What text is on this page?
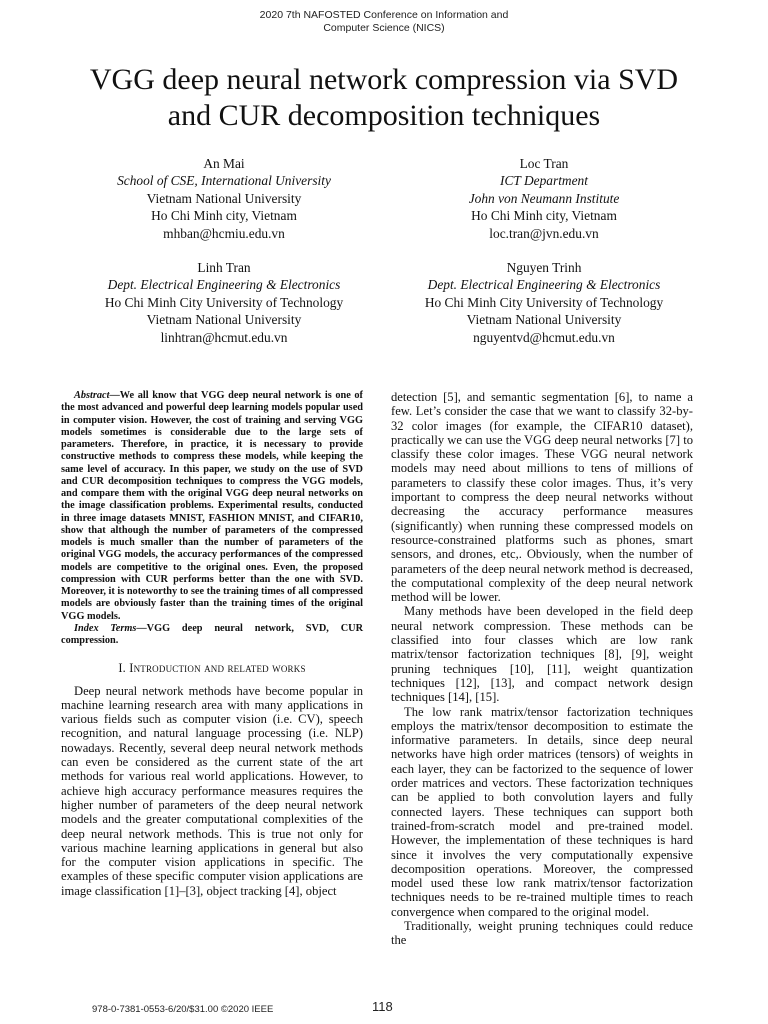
2020 7th NAFOSTED Conference on Information and
Computer Science (NICS)
VGG deep neural network compression via SVD
and CUR decomposition techniques
An Mai
School of CSE, International University
Vietnam National University
Ho Chi Minh city, Vietnam
mhban@hcmiu.edu.vn
Loc Tran
ICT Department
John von Neumann Institute
Ho Chi Minh city, Vietnam
loc.tran@jvn.edu.vn
Linh Tran
Dept. Electrical Engineering & Electronics
Ho Chi Minh City University of Technology
Vietnam National University
linhtran@hcmut.edu.vn
Nguyen Trinh
Dept. Electrical Engineering & Electronics
Ho Chi Minh City University of Technology
Vietnam National University
nguyentvd@hcmut.edu.vn

Abstract—We all know that VGG deep neural network is one of the most advanced and powerful deep learning models popular used in computer vision. However, the cost of training and serving VGG models sometimes is considerable due to the large sets of parameters. Therefore, in practice, it is necessary to provide constructive methods to compress these models, while keeping the same level of accuracy. In this paper, we study on the use of SVD and CUR decomposition techniques to compress the VGG models, and compare them with the original VGG deep neural networks on the image classification problems. Experimental results, conducted in three image datasets MNIST, FASHION MNIST, and CIFAR10, show that although the number of parameters of the compressed models is much smaller than the number of parameters of the original VGG models, the accuracy performances of the compressed models are competitive to the original ones. Even, the proposed compression with CUR performs better than the one with SVD. Moreover, it is noteworthy to see the training times of all compressed models are obviously faster than the training times of the original VGG models.

Index Terms—VGG deep neural network, SVD, CUR compression.

I. Introduction and related works

Deep neural network methods have become popular in machine learning research area with many applications in various fields such as computer vision (i.e. CV), speech recognition, and natural language processing (i.e. NLP) nowadays. Recently, several deep neural network methods can even be considered as the current state of the art methods for various real world applications. However, to achieve high accuracy performance measures requires the higher number of parameters of the deep neural network models and the greater computational complexities of the deep neural network methods. This is true not only for various machine learning applications in general but also for the computer vision applications in specific. The examples of these specific computer vision applications are image classification [1]–[3], object tracking [4], object

detection [5], and semantic segmentation [6], to name a few. Let’s consider the case that we want to classify 32-by-32 color images (for example, the CIFAR10 dataset), practically we can use the VGG deep neural networks [7] to classify these color images. These VGG neural network models may need about millions to tens of millions of parameters to classify these color images. Thus, it’s very important to compress the deep neural networks without decreasing the accuracy performance measures (significantly) when running these compressed models on resource-constrained platforms such as phones, smart sensors, and drones, etc,. Obviously, when the number of parameters of the deep neural network method is decreased, the computational complexity of the deep neural network method will be lower.

Many methods have been developed in the field deep neural network compression. These methods can be classified into four classes which are low rank matrix/tensor factorization techniques [8], [9], weight pruning techniques [10], [11], weight quantization techniques [12], [13], and compact network design techniques [14], [15].

The low rank matrix/tensor factorization techniques employs the matrix/tensor decomposition to estimate the informative parameters. In details, since deep neural networks have high order matrices (tensors) of weights in each layer, they can be factorized to the sequence of lower order matrices and vectors. These factorization techniques can be applied to both convolution layers and fully connected layers. These techniques can support both trained-from-scratch model and pre-trained model. However, the implementation of these techniques is hard since it involves the very computationally expensive decomposition operations. Moreover, the compressed model used these low rank matrix/tensor factorization techniques needs to be re-trained multiple times to reach convergence when compared to the original model.

Traditionally, weight pruning techniques could reduce the

978-0-7381-0553-6/20/$31.00 ©2020 IEEE	118
